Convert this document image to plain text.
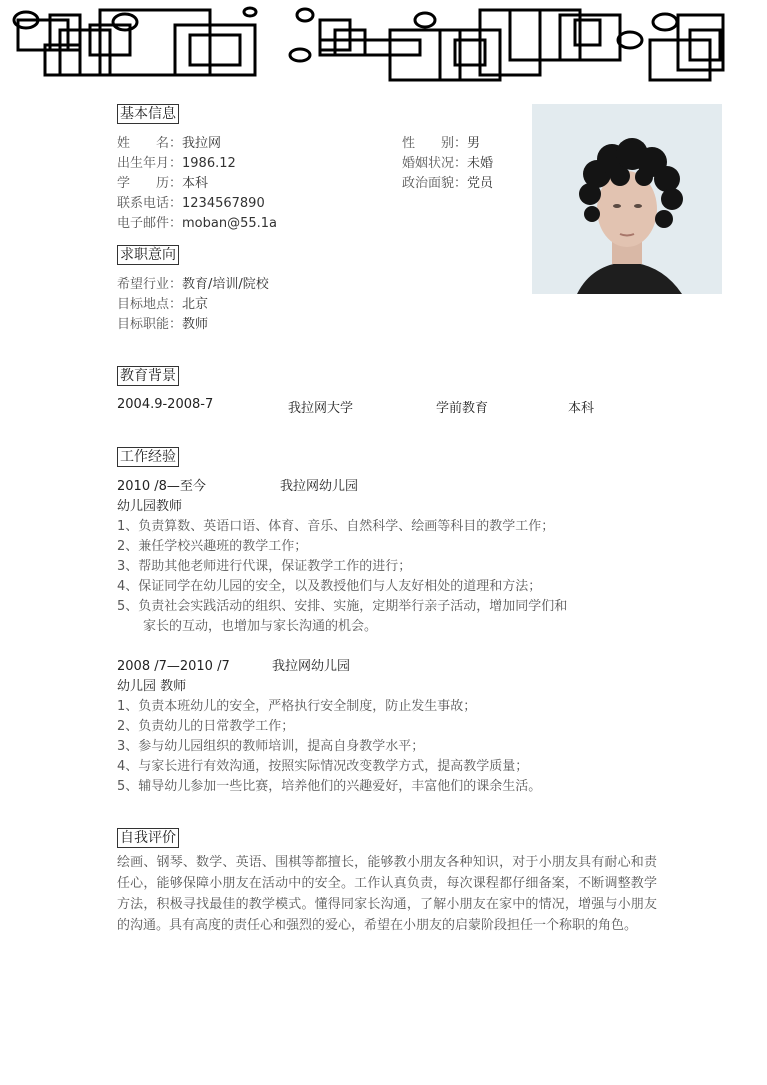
基本信息
姓　　名：我拉网
出生年月：1986.12
学　　历：本科
联系电话：1234567890
电子邮件：moban@55.1a
性　　别：男
婚姻状况：未婚
政治面貌：党员
求职意向
希望行业：教育/培训/院校
目标地点：北京
目标职能：教师
教育背景
2004.9-2008-7	我拉网大学	学前教育	本科
工作经验
2010 /8—至今	我拉网幼儿园
幼儿园教师
1、负责算数、英语口语、体育、音乐、自然科学、绘画等科目的教学工作；
2、兼任学校兴趣班的教学工作；
3、帮助其他老师进行代课，保证教学工作的进行；
4、保证同学在幼儿园的安全，以及教授他们与人友好相处的道理和方法；
5、负责社会实践活动的组织、安排、实施，定期举行亲子活动，增加同学们和
　　家长的互动，也增加与家长沟通的机会。
2008 /7—2010 /7	我拉网幼儿园
幼儿园 教师
1、负责本班幼儿的安全，严格执行安全制度，防止发生事故；
2、负责幼儿的日常教学工作；
3、参与幼儿园组织的教师培训，提高自身教学水平；
4、与家长进行有效沟通，按照实际情况改变教学方式，提高教学质量；
5、辅导幼儿参加一些比赛，培养他们的兴趣爱好，丰富他们的课余生活。
自我评价
绘画、钢琴、数学、英语、围棋等都擅长，能够教小朋友各种知识，对于小朋友具有耐心和责任心，能够保障小朋友在活动中的安全。工作认真负责，每次课程都仔细备案，不断调整教学方法，积极寻找最佳的教学模式。懂得同家长沟通，了解小朋友在家中的情况，增强与小朋友的沟通。具有高度的责任心和强烈的爱心，希望在小朋友的启蒙阶段担任一个称职的角色。
